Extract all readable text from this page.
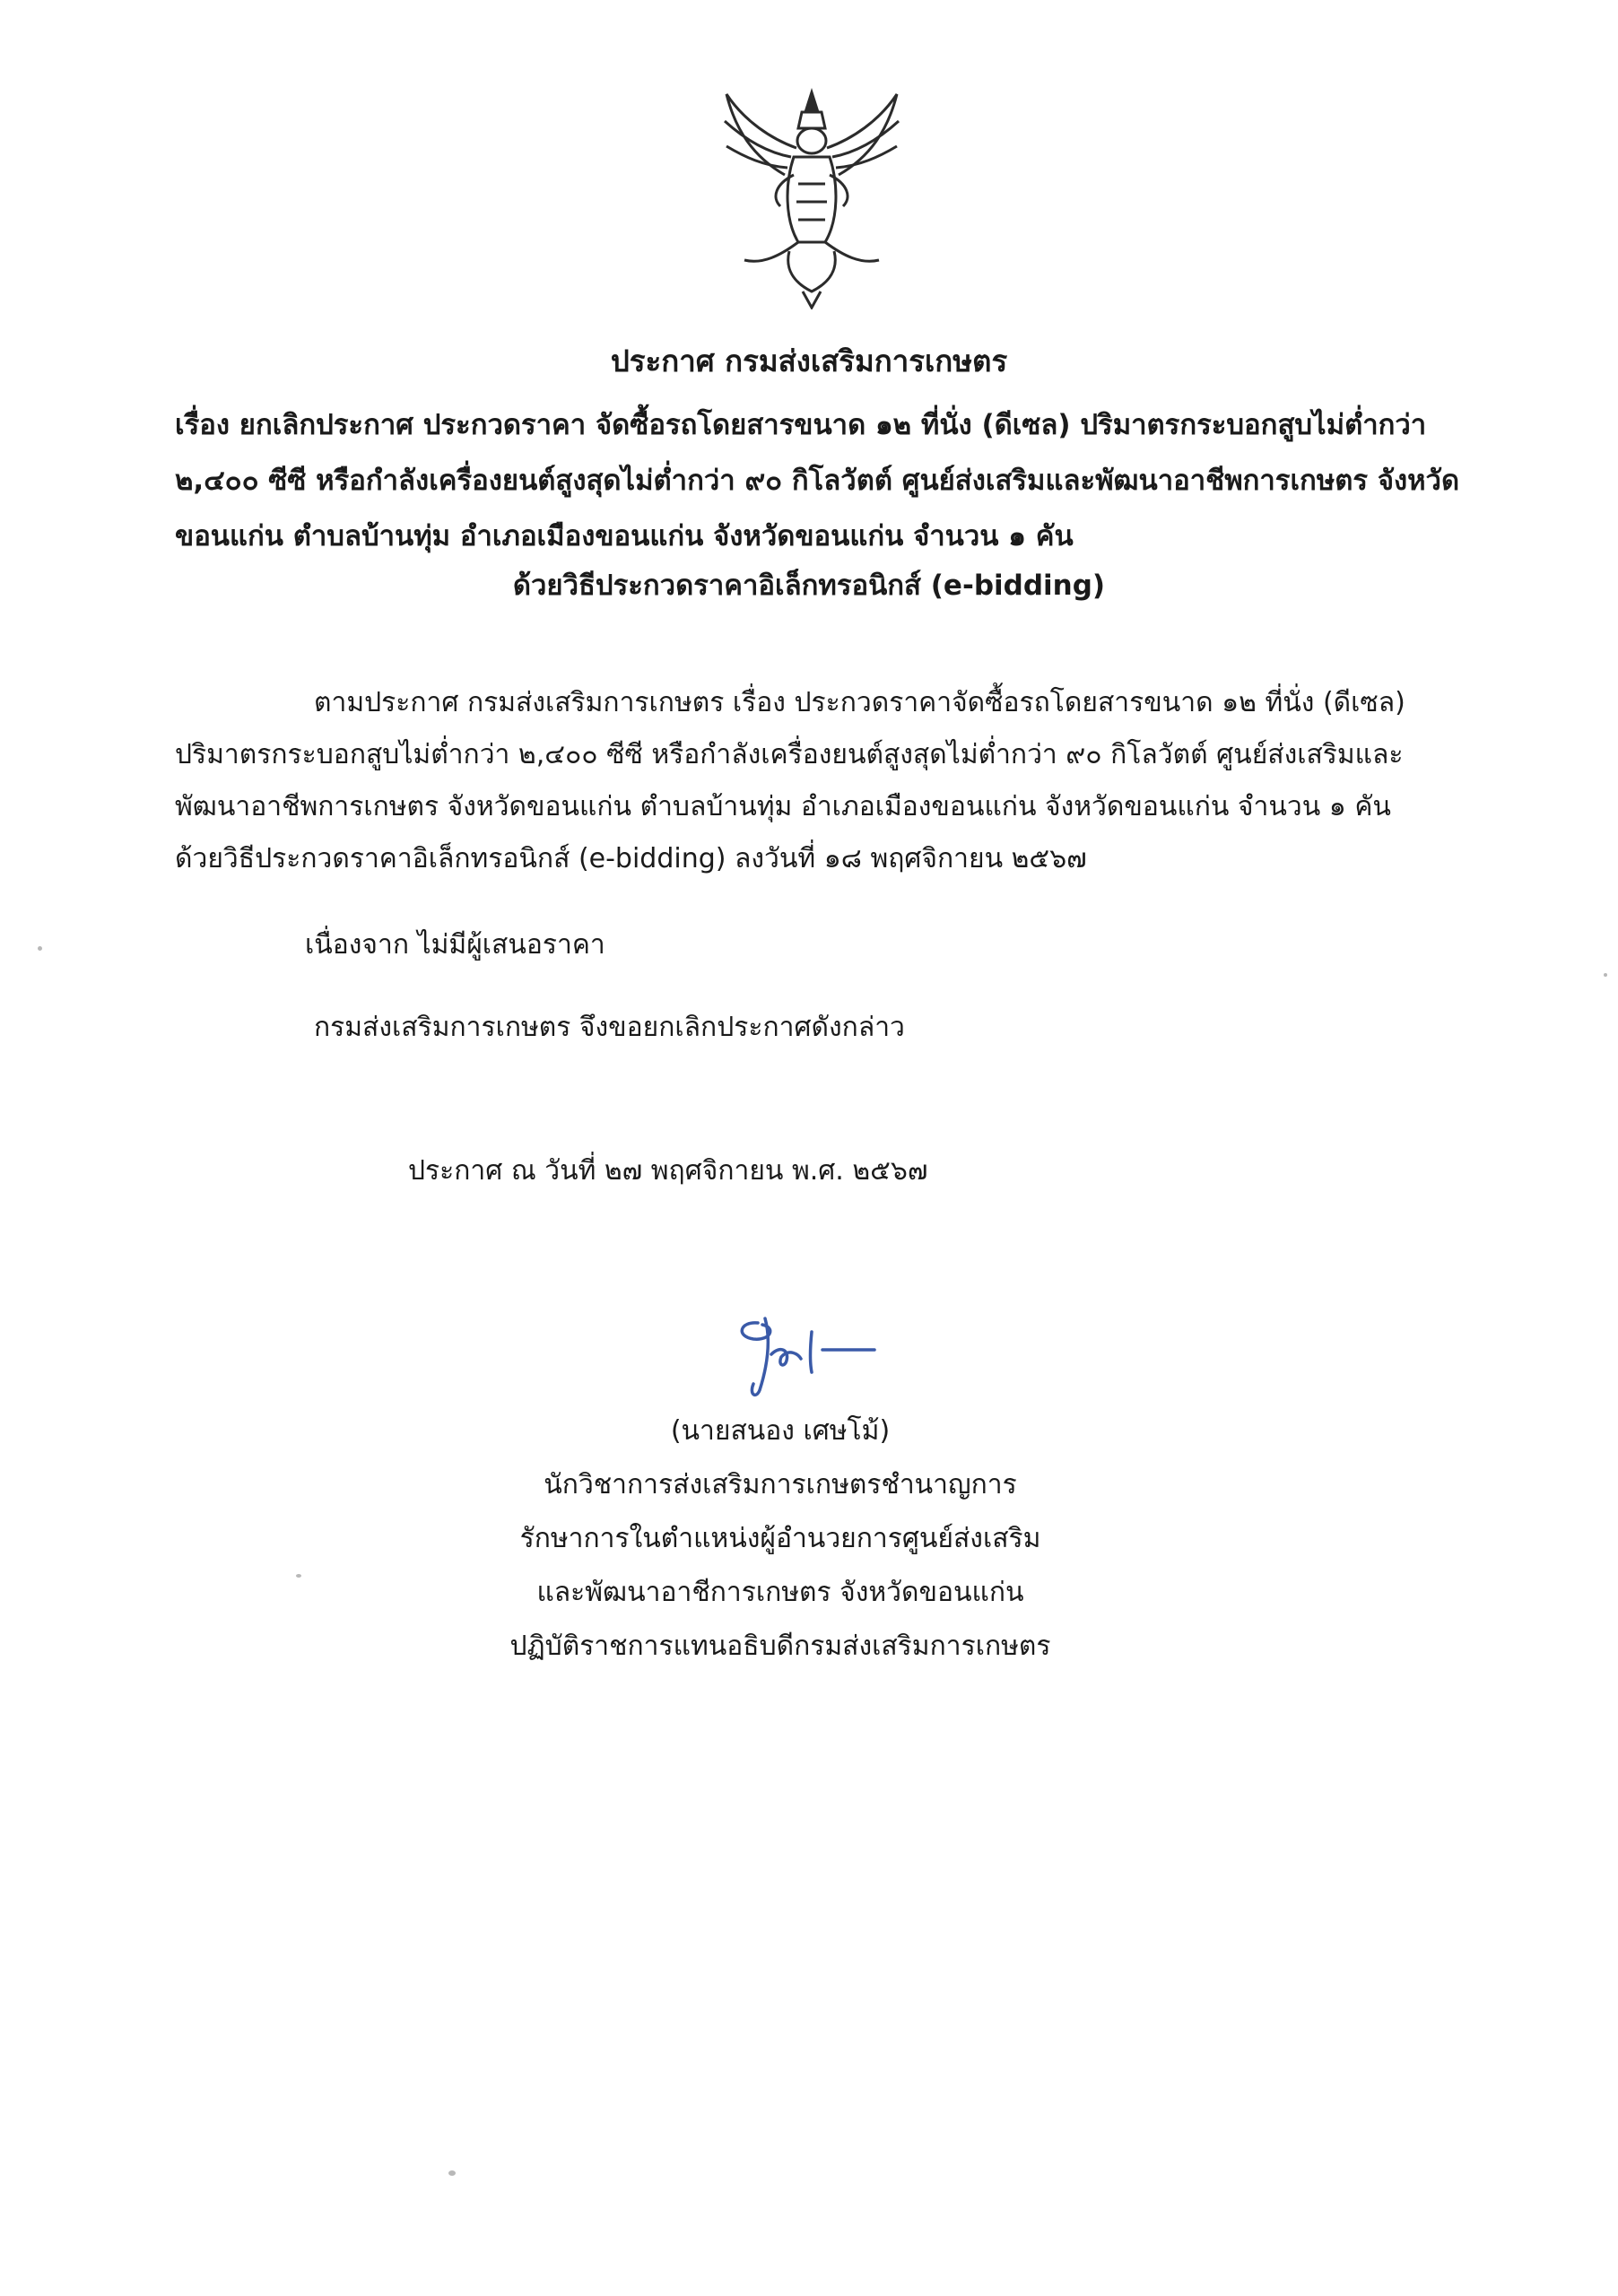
ประกาศ กรมส่งเสริมการเกษตร
เรื่อง ยกเลิกประกาศ ประกวดราคา จัดซื้อรถโดยสารขนาด ๑๒ ที่นั่ง (ดีเซล) ปริมาตรกระบอกสูบไม่ต่ำกว่า
๒,๔๐๐ ซีซี หรือกำลังเครื่องยนต์สูงสุดไม่ต่ำกว่า ๙๐ กิโลวัตต์ ศูนย์ส่งเสริมและพัฒนาอาชีพการเกษตร จังหวัด
ขอนแก่น ตำบลบ้านทุ่ม อำเภอเมืองขอนแก่น จังหวัดขอนแก่น จำนวน ๑ คัน
ด้วยวิธีประกวดราคาอิเล็กทรอนิกส์ (e-bidding)
ตามประกาศ กรมส่งเสริมการเกษตร เรื่อง ประกวดราคาจัดซื้อรถโดยสารขนาด ๑๒ ที่นั่ง (ดีเซล)
ปริมาตรกระบอกสูบไม่ต่ำกว่า ๒,๔๐๐ ซีซี หรือกำลังเครื่องยนต์สูงสุดไม่ต่ำกว่า ๙๐ กิโลวัตต์ ศูนย์ส่งเสริมและ
พัฒนาอาชีพการเกษตร จังหวัดขอนแก่น ตำบลบ้านทุ่ม อำเภอเมืองขอนแก่น จังหวัดขอนแก่น จำนวน ๑ คัน
ด้วยวิธีประกวดราคาอิเล็กทรอนิกส์ (e-bidding) ลงวันที่ ๑๘ พฤศจิกายน ๒๕๖๗
เนื่องจาก ไม่มีผู้เสนอราคา
กรมส่งเสริมการเกษตร จึงขอยกเลิกประกาศดังกล่าว
ประกาศ ณ วันที่ ๒๗ พฤศจิกายน พ.ศ. ๒๕๖๗
(นายสนอง เศษโม้)
นักวิชาการส่งเสริมการเกษตรชำนาญการ
รักษาการในตำแหน่งผู้อำนวยการศูนย์ส่งเสริม
และพัฒนาอาชีการเกษตร จังหวัดขอนแก่น
ปฏิบัติราชการแทนอธิบดีกรมส่งเสริมการเกษตร
